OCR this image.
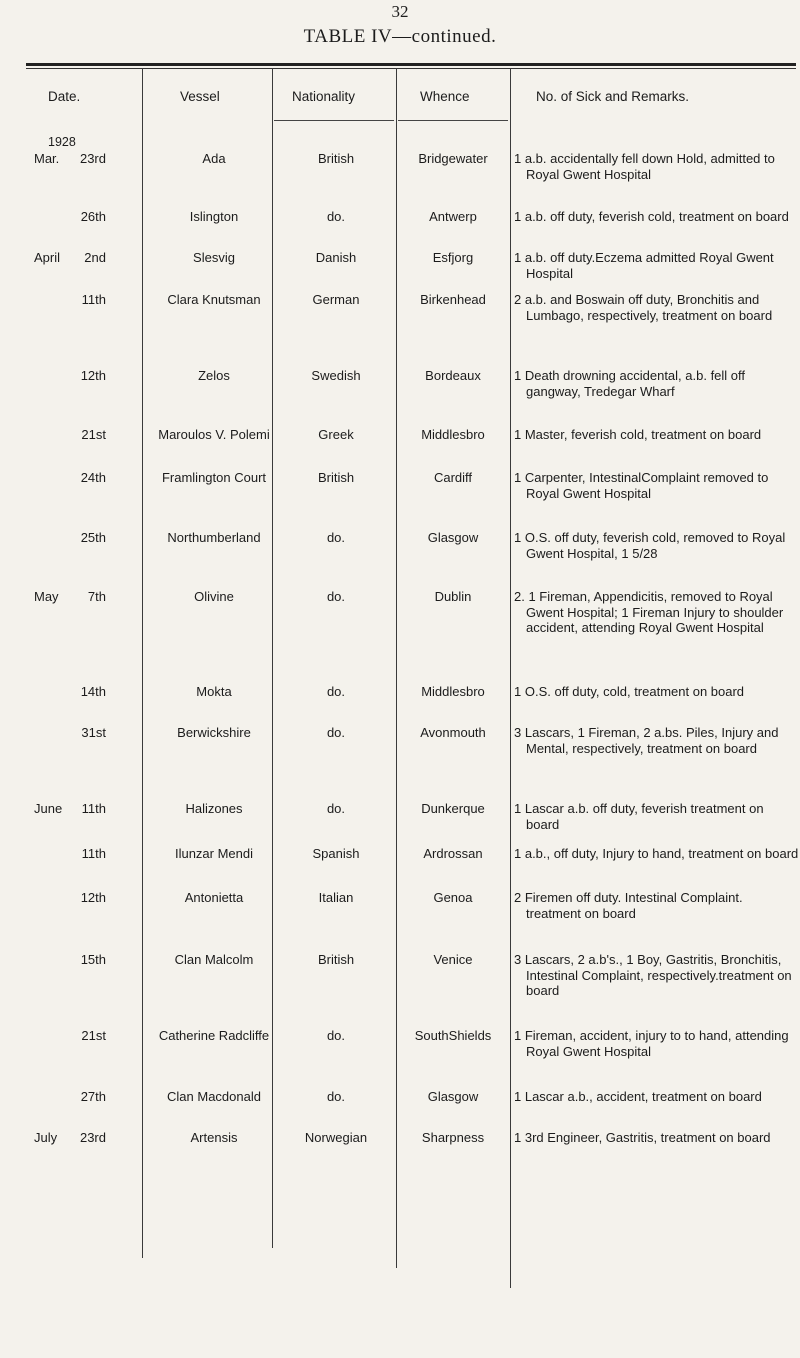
32
TABLE IV—continued.
Date.	Vessel	Nationality	Whence	No. of Sick and Remarks.
1928
Mar.	23rd	Ada	British	Bridgewater	1 a.b. accidentally fell down Hold, admitted to Royal Gwent Hospital
26th	Islington	do.	Antwerp	1 a.b. off duty, feverish cold, treatment on board
April	2nd	Slesvig	Danish	Esfjorg	1 a.b. off duty.Eczema admitted Royal Gwent Hospital
11th	Clara Knutsman	German	Birkenhead	2 a.b. and Boswain off duty, Bronchitis and Lumbago, respectively, treatment on board
12th	Zelos	Swedish	Bordeaux	1 Death drowning accidental, a.b. fell off gangway, Tredegar Wharf
21st	Maroulos V. Polemi	Greek	Middlesbro	1 Master, feverish cold, treatment on board
24th	Framlington Court	British	Cardiff	1 Carpenter, IntestinalComplaint removed to Royal Gwent Hospital
25th	Northumberland	do.	Glasgow	1 O.S. off duty, feverish cold, removed to Royal Gwent Hospital, 1 5/28
May	7th	Olivine	do.	Dublin	2. 1 Fireman, Appendicitis, removed to Royal Gwent Hospital; 1 Fireman Injury to shoulder accident, attending Royal Gwent Hospital
14th	Mokta	do.	Middlesbro	1 O.S. off duty, cold, treatment on board
31st	Berwickshire	do.	Avonmouth	3 Lascars, 1 Fireman, 2 a.bs. Piles, Injury and Mental, respectively, treatment on board
June	11th	Halizones	do.	Dunkerque	1 Lascar a.b. off duty, feverish treatment on board
11th	Ilunzar Mendi	Spanish	Ardrossan	1 a.b., off duty, Injury to hand, treatment on board
12th	Antonietta	Italian	Genoa	2 Firemen off duty. Intestinal Complaint. treatment on board
15th	Clan Malcolm	British	Venice	3 Lascars, 2 a.b's., 1 Boy, Gastritis, Bronchitis, Intestinal Complaint, respectively.treatment on board
21st	Catherine Radcliffe	do.	SouthShields	1 Fireman, accident, injury to to hand, attending Royal Gwent Hospital
27th	Clan Macdonald	do.	Glasgow	1 Lascar a.b., accident, treatment on board
July	23rd	Artensis	Norwegian	Sharpness	1 3rd Engineer, Gastritis, treatment on board
